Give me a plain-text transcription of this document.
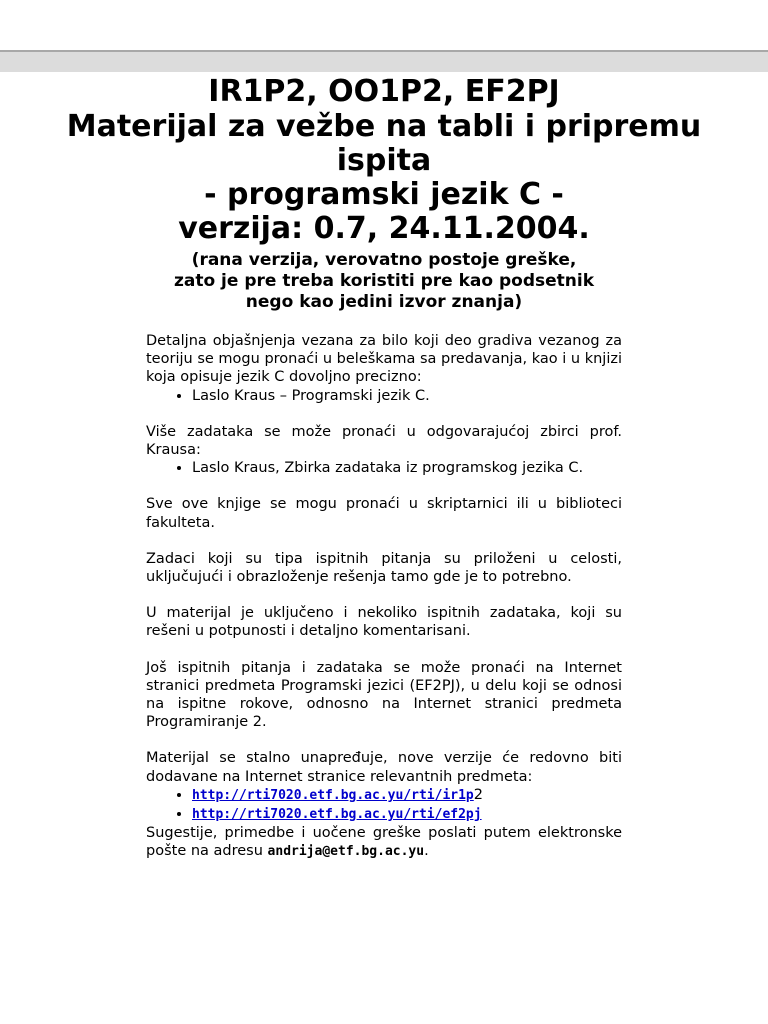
IR1P2, OO1P2, EF2PJ
Materijal za vežbe na tabli i pripremu
ispita
- programski jezik C -
verzija: 0.7, 24.11.2004.
(rana verzija, verovatno postoje greške,
zato je pre treba koristiti pre kao podsetnik
nego kao jedini izvor znanja)

Detaljna objašnjenja vezana za bilo koji deo gradiva vezanog za teoriju se mogu pronaći u beleškama sa predavanja, kao i u knjizi koja opisuje jezik C dovoljno precizno:

• Laslo Kraus – Programski jezik C.

Više zadataka se može pronaći u odgovarajućoj zbirci prof. Krausa:

• Laslo Kraus, Zbirka zadataka iz programskog jezika C.

Sve ove knjige se mogu pronaći u skriptarnici ili u biblioteci fakulteta.

Zadaci koji su tipa ispitnih pitanja su priloženi u celosti, uključujući i obrazloženje rešenja tamo gde je to potrebno.

U materijal je uključeno i nekoliko ispitnih zadataka, koji su rešeni u potpunosti i detaljno komentarisani.

Još ispitnih pitanja i zadataka se može pronaći na Internet stranici predmeta Programski jezici (EF2PJ), u delu koji se odnosi na ispitne rokove, odnosno na Internet stranici predmeta Programiranje 2.

Materijal se stalno unapređuje, nove verzije će redovno biti dodavane na Internet stranice relevantnih predmeta:

• http://rti7020.etf.bg.ac.yu/rti/ir1p2
• http://rti7020.etf.bg.ac.yu/rti/ef2pj

Sugestije, primedbe i uočene greške poslati putem elektronske pošte na adresu andrija@etf.bg.ac.yu.
